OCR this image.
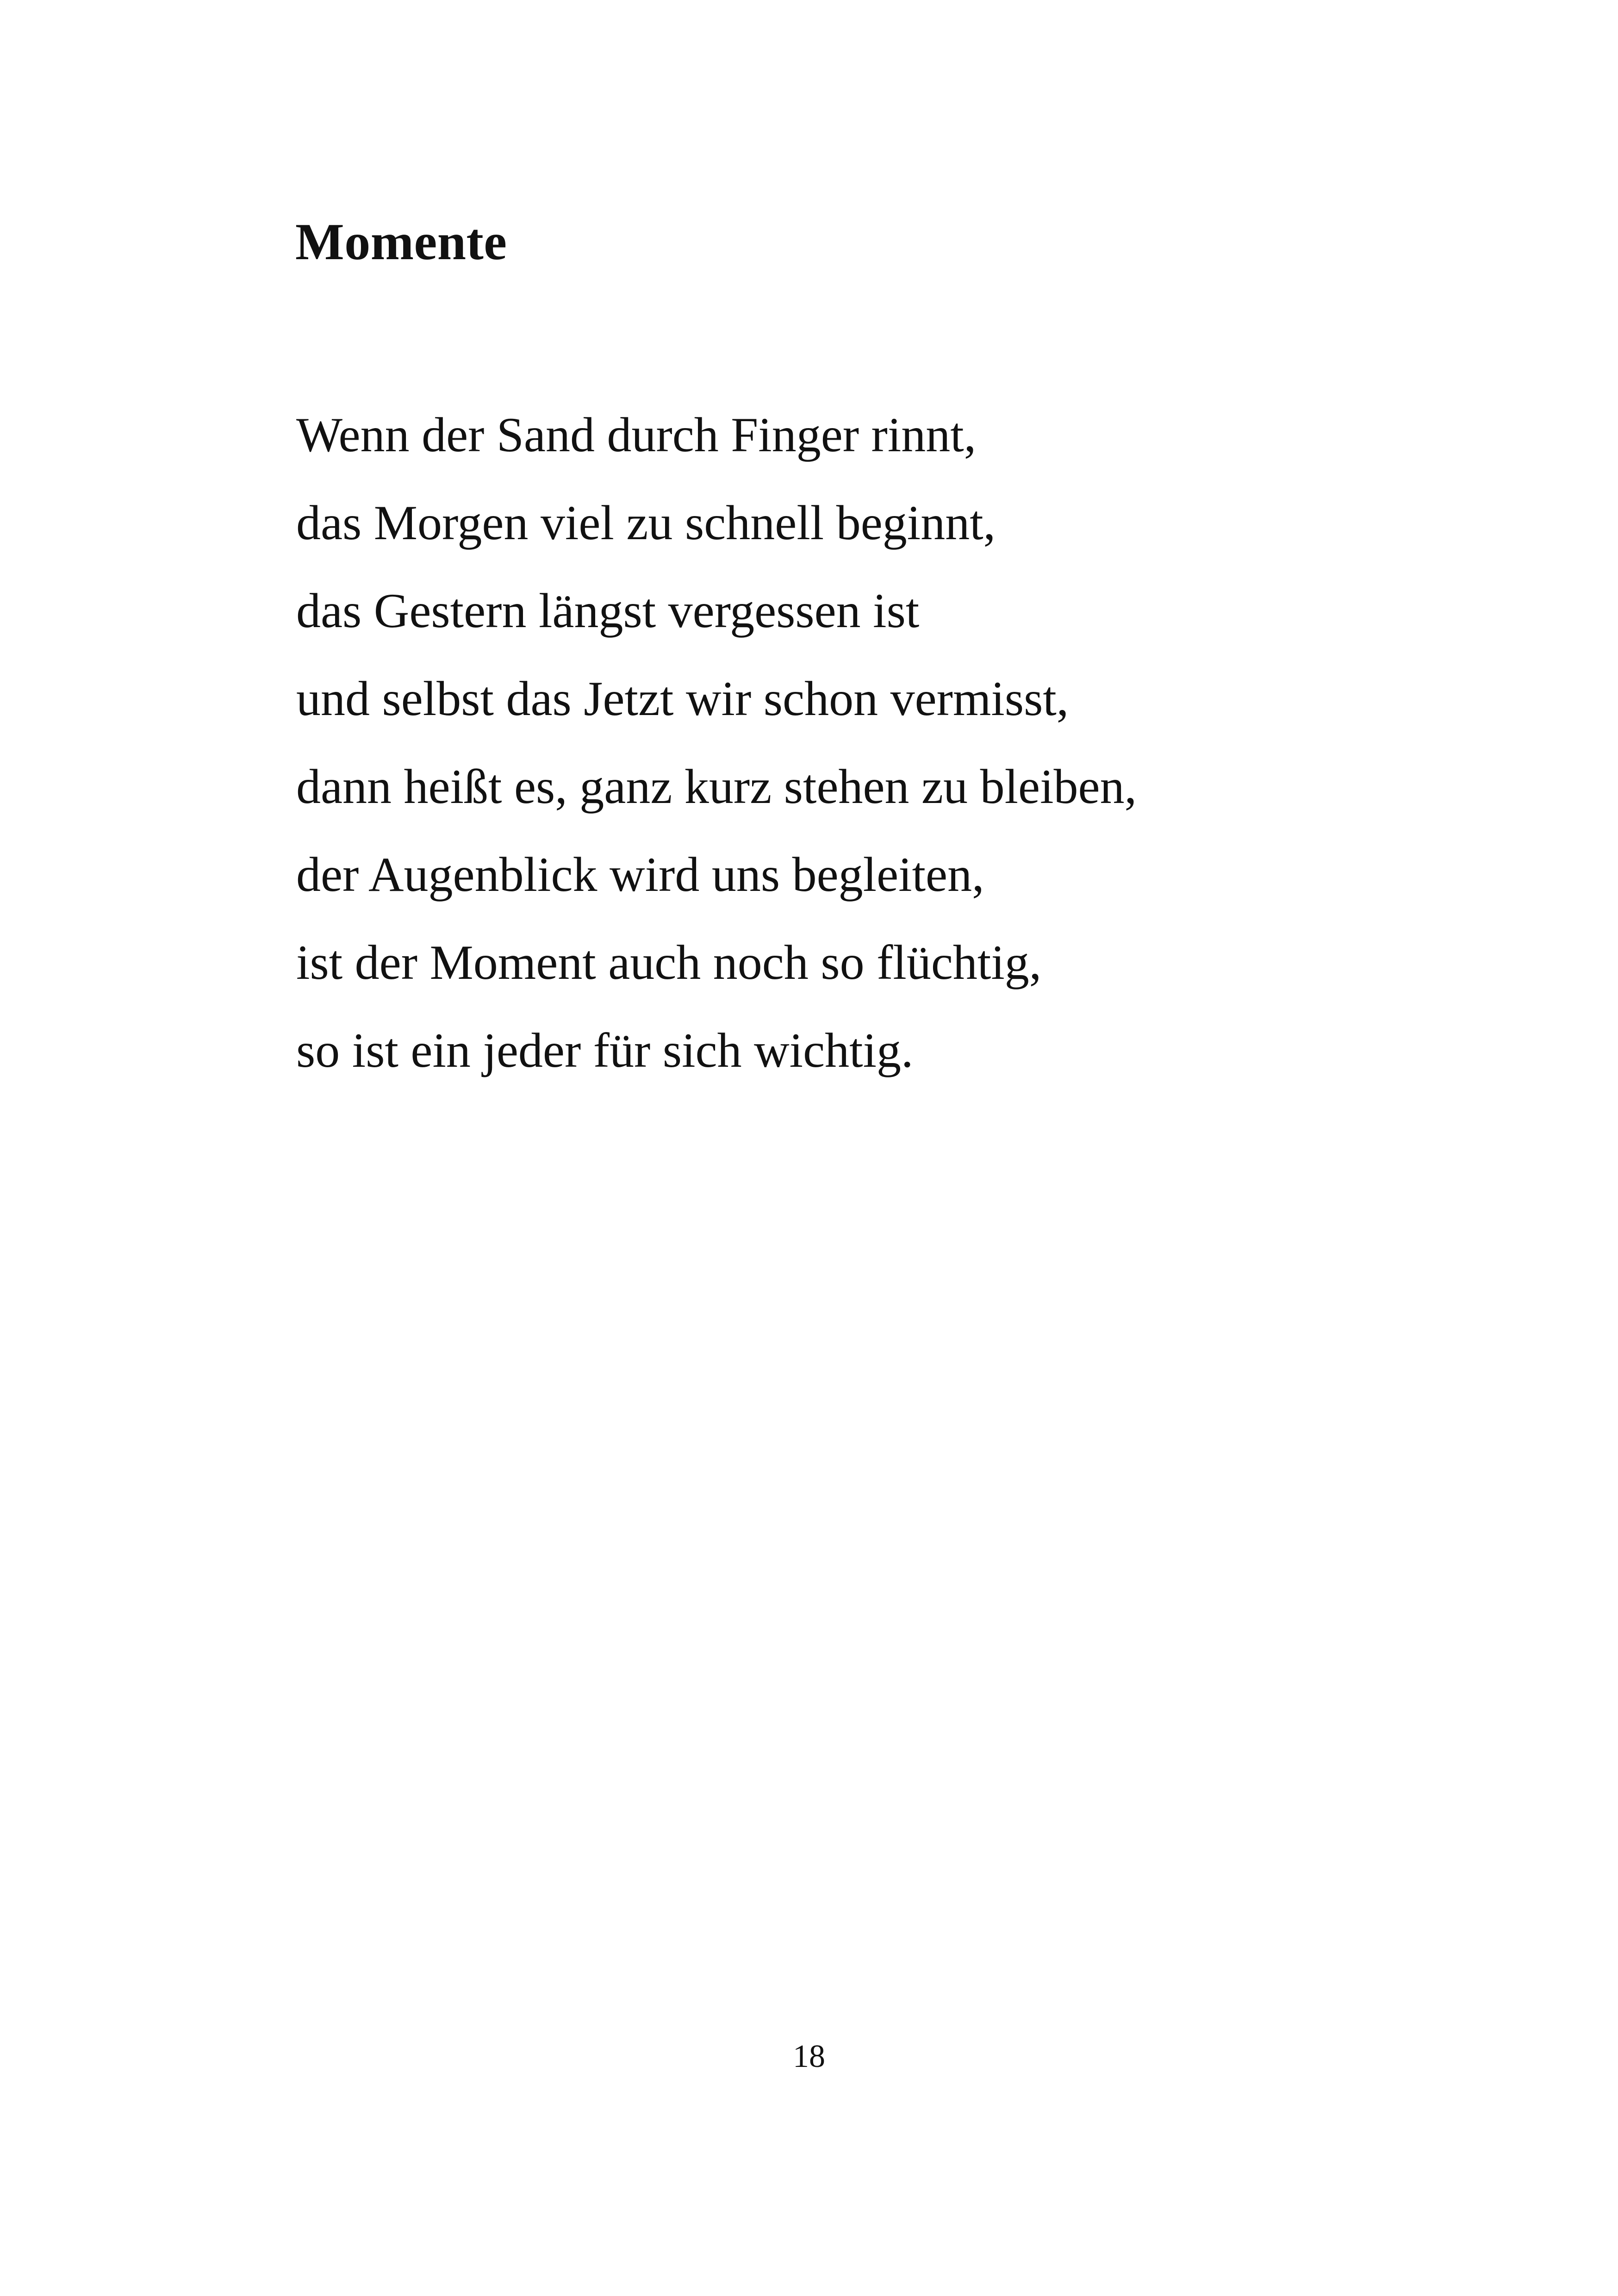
Momente
Wenn der Sand durch Finger rinnt,
das Morgen viel zu schnell beginnt,
das Gestern längst vergessen ist
und selbst das Jetzt wir schon vermisst,
dann heißt es, ganz kurz stehen zu bleiben,
der Augenblick wird uns begleiten,
ist der Moment auch noch so flüchtig,
so ist ein jeder für sich wichtig.
18
